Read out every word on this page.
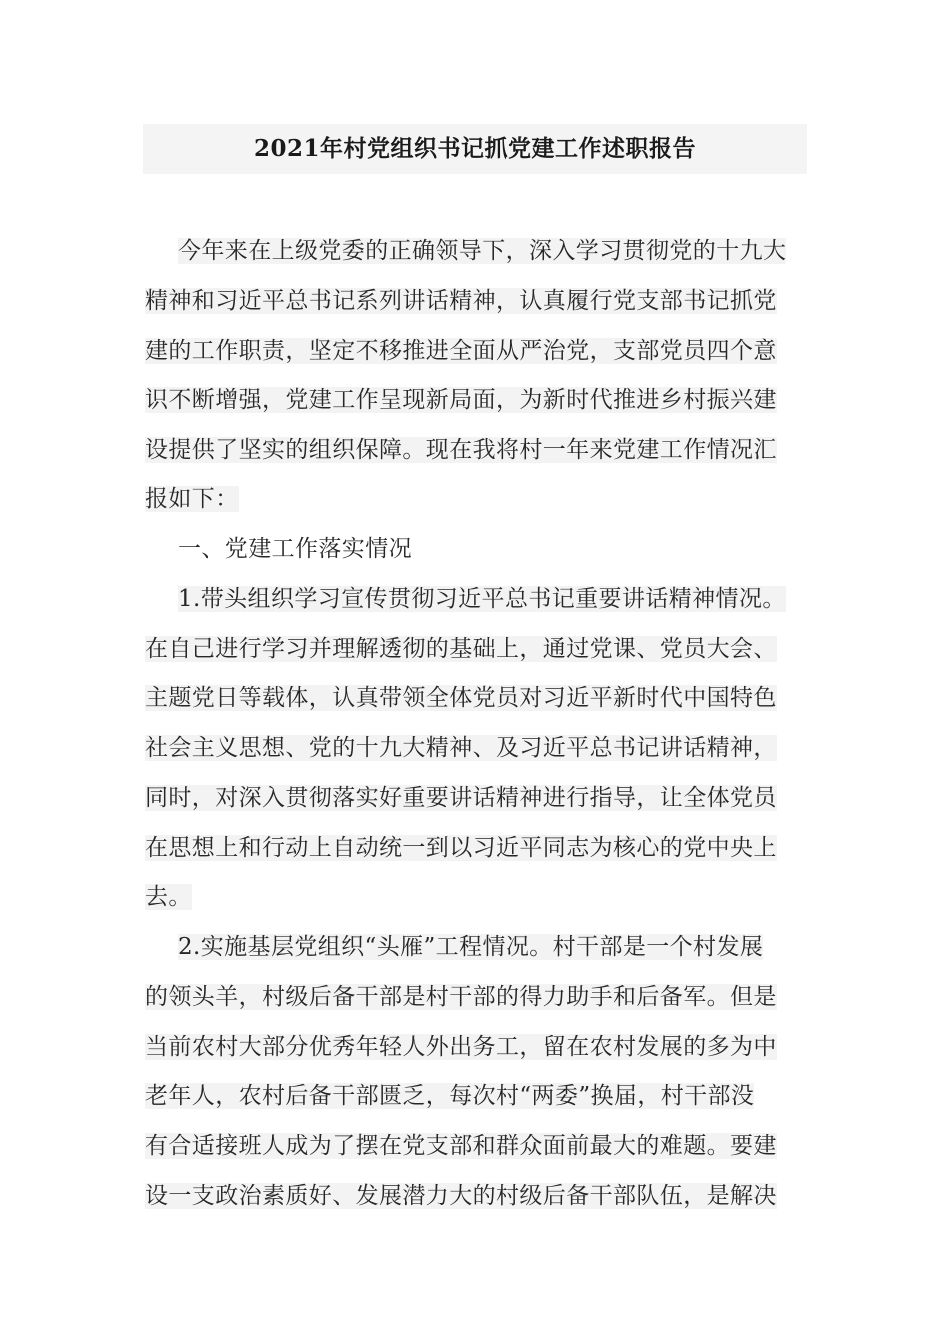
2021年村党组织书记抓党建工作述职报告
今年来在上级党委的正确领导下，深入学习贯彻党的十九大
精神和习近平总书记系列讲话精神，认真履行党支部书记抓党
建的工作职责，坚定不移推进全面从严治党，支部党员四个意
识不断增强，党建工作呈现新局面，为新时代推进乡村振兴建
设提供了坚实的组织保障。现在我将村一年来党建工作情况汇
报如下：
一、党建工作落实情况
1.带头组织学习宣传贯彻习近平总书记重要讲话精神情况。
在自己进行学习并理解透彻的基础上，通过党课、党员大会、
主题党日等载体，认真带领全体党员对习近平新时代中国特色
社会主义思想、党的十九大精神、及习近平总书记讲话精神，
同时，对深入贯彻落实好重要讲话精神进行指导，让全体党员
在思想上和行动上自动统一到以习近平同志为核心的党中央上
去。
2.实施基层党组织“头雁”工程情况。村干部是一个村发展
的领头羊，村级后备干部是村干部的得力助手和后备军。但是
当前农村大部分优秀年轻人外出务工，留在农村发展的多为中
老年人，农村后备干部匮乏，每次村“两委”换届，村干部没
有合适接班人成为了摆在党支部和群众面前最大的难题。要建
设一支政治素质好、发展潜力大的村级后备干部队伍，是解决
